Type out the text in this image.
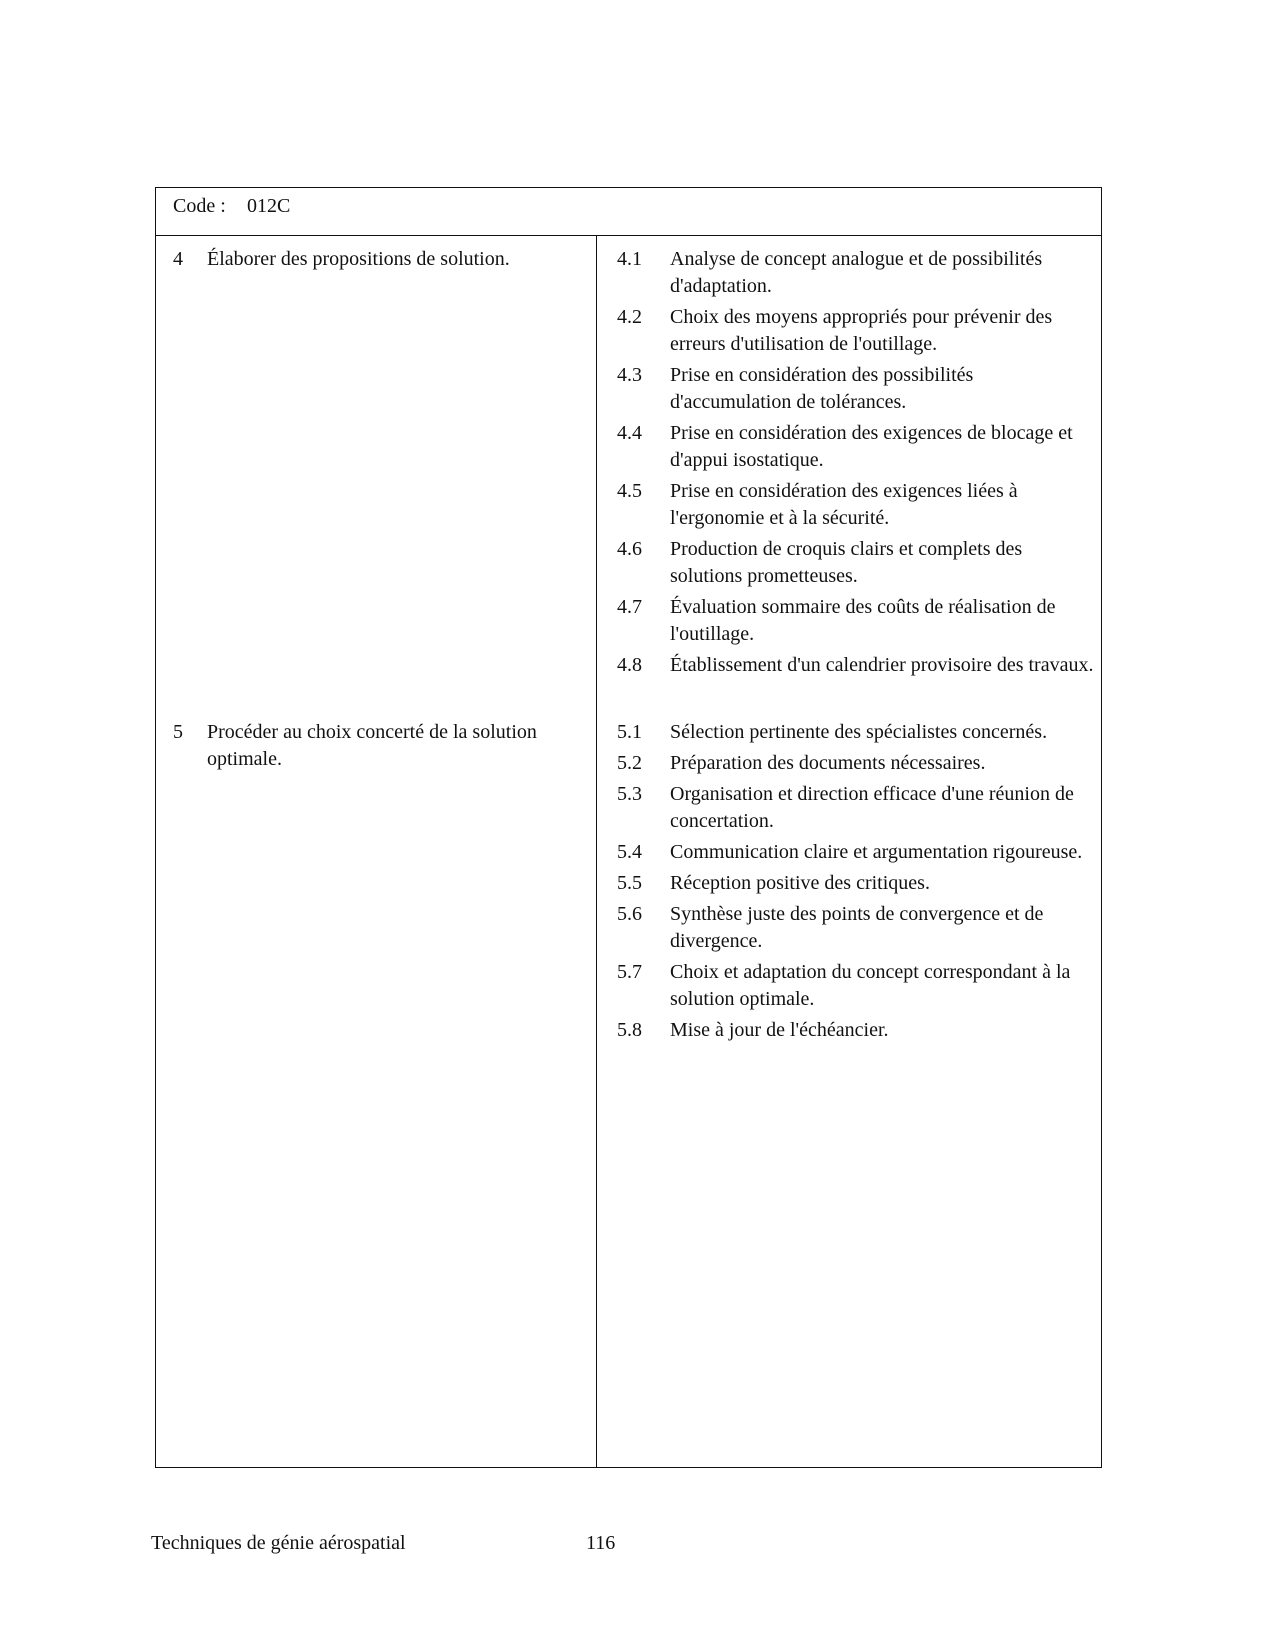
Code : 012C
4 Élaborer des propositions de solution.	4.1 Analyse de concept analogue et de possibilités d'adaptation.
4.2 Choix des moyens appropriés pour prévenir des erreurs d'utilisation de l'outillage.
4.3 Prise en considération des possibilités d'accumulation de tolérances.
4.4 Prise en considération des exigences de blocage et d'appui isostatique.
4.5 Prise en considération des exigences liées à l'ergonomie et à la sécurité.
4.6 Production de croquis clairs et complets des solutions prometteuses.
4.7 Évaluation sommaire des coûts de réalisation de l'outillage.
4.8 Établissement d'un calendrier provisoire des travaux.
5 Procéder au choix concerté de la solution optimale.
5.1 Sélection pertinente des spécialistes concernés.
5.2 Préparation des documents nécessaires.
5.3 Organisation et direction efficace d'une réunion de concertation.
5.4 Communication claire et argumentation rigoureuse.
5.5 Réception positive des critiques.
5.6 Synthèse juste des points de convergence et de divergence.
5.7 Choix et adaptation du concept correspondant à la solution optimale.
5.8 Mise à jour de l'échéancier.
Techniques de génie aérospatial	116
